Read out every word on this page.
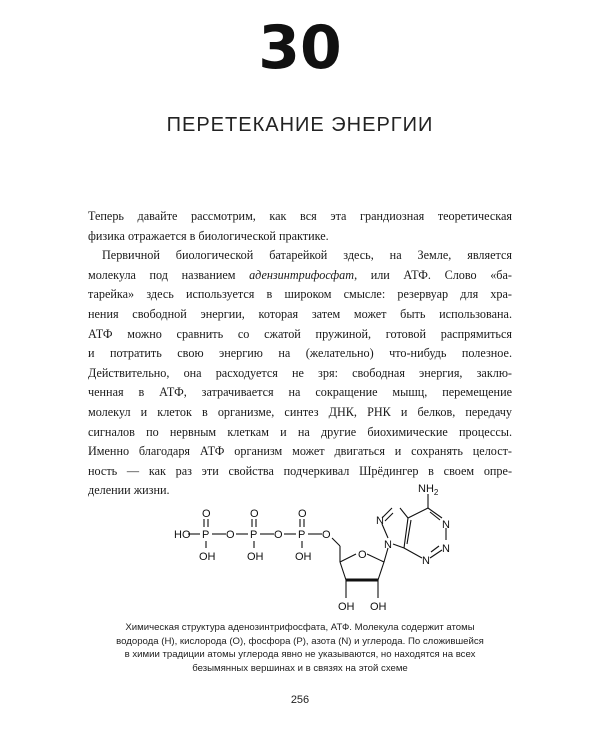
30
ПЕРЕТЕКАНИЕ ЭНЕРГИИ
Теперь давайте рассмотрим, как вся эта грандиозная теоретическая
физика отражается в биологической практике.
Первичной биологической батарейкой здесь, на Земле, является
молекула под названием адензинтрифосфат, или АТФ. Слово «ба-
тарейка» здесь используется в широком смысле: резервуар для хра-
нения свободной энергии, которая затем может быть использована.
АТФ можно сравнить со сжатой пружиной, готовой распрямиться
и потратить свою энергию на (желательно) что-нибудь полезное.
Действительно, она расходуется не зря: свободная энергия, заклю-
ченная в АТФ, затрачивается на сокращение мышц, перемещение
молекул и клеток в организме, синтез ДНК, РНК и белков, передачу
сигналов по нервным клеткам и на другие биохимические процессы.
Именно благодаря АТФ организм может двигаться и сохранять целост-
ность — как раз эти свойства подчеркивал Шрёдингер в своем опре-
делении жизни.
HO P	P	P
O	O	O
O	O	O
OH	OH	OH	O
OH OH
$NH_2$
N
N	N
N
N
Химическая структура аденозинтрифосфата, АТФ. Молекула содержит атомы
водорода (H), кислорода (O), фосфора (P), азота (N) и углерода. По сложившейся
в химии традиции атомы углерода явно не указываются, но находятся на всех
безымянных вершинах и в связях на этой схеме
256
